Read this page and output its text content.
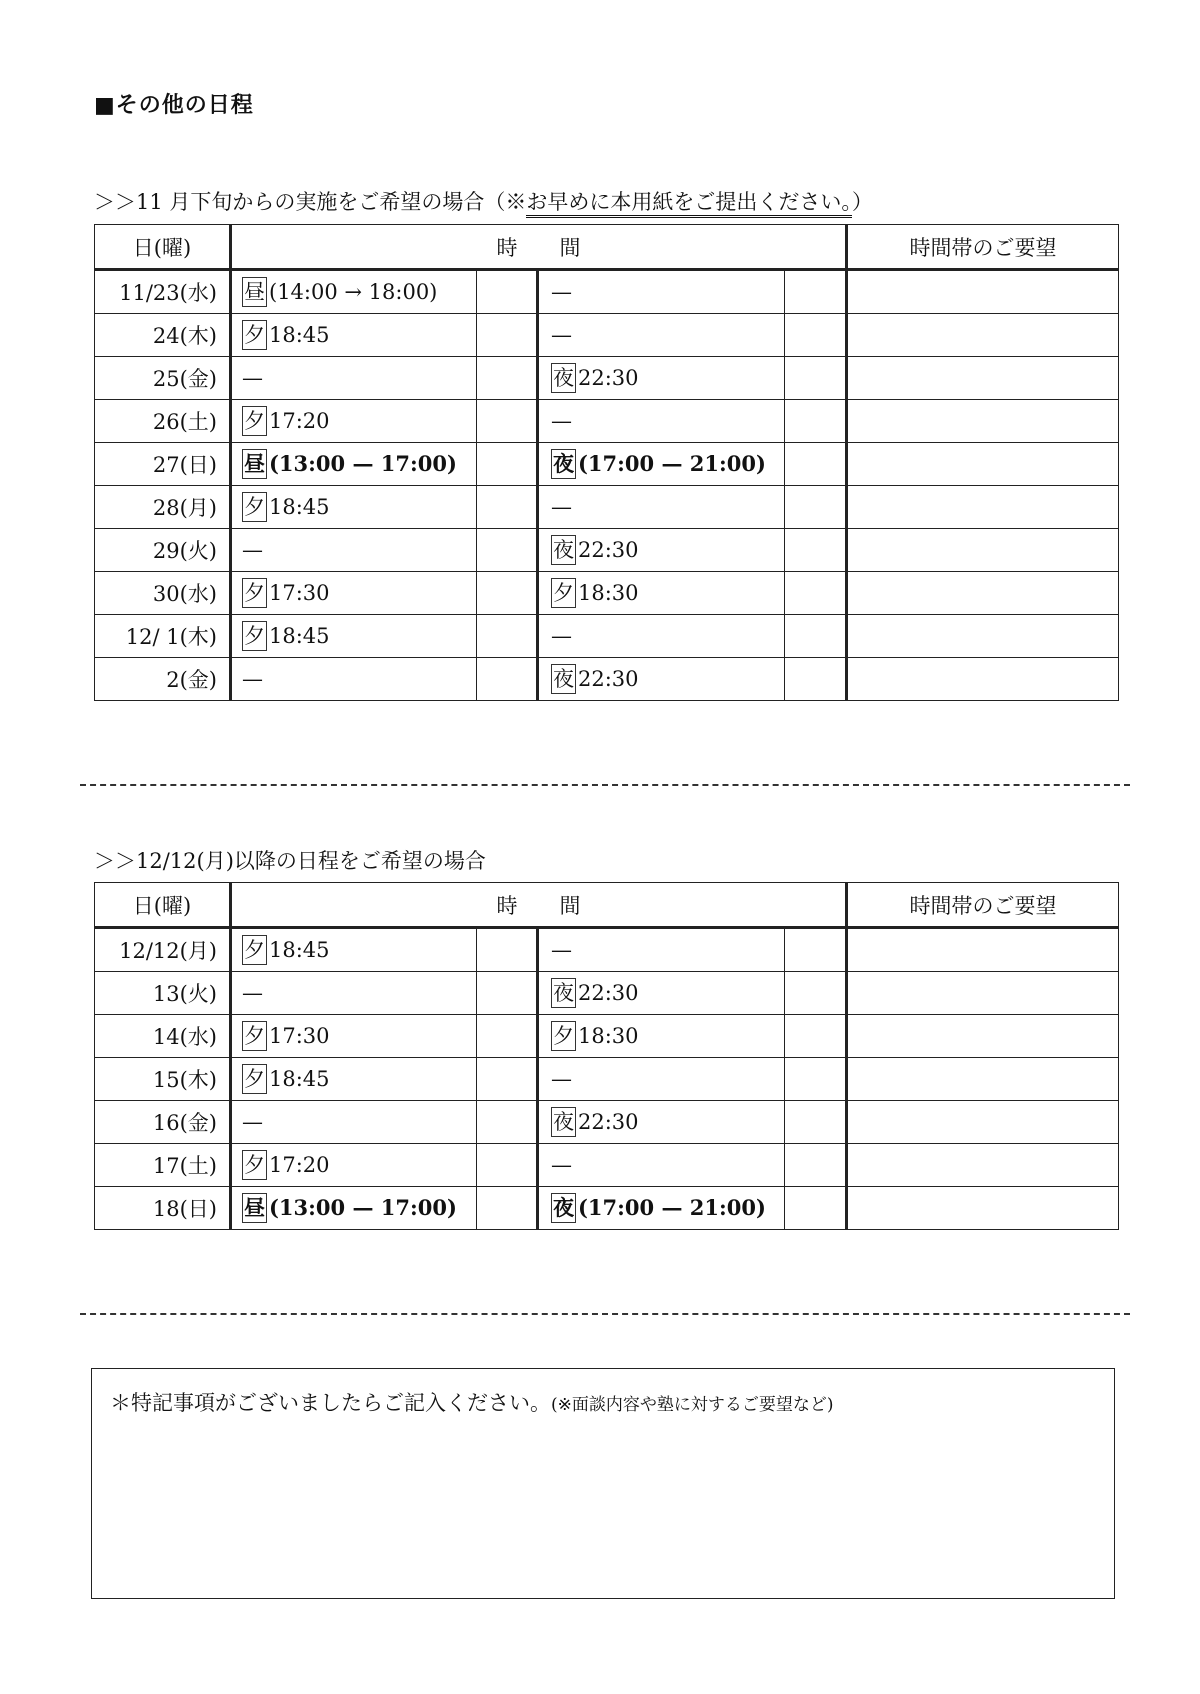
■その他の日程
＞＞11 月下旬からの実施をご希望の場合（※お早めに本用紙をご提出ください。）
日(曜)	時　　間				時間帯のご要望
11/23(水)	昼 (14:00 → 18:00)		—		
24(木)	夕 18:45		—		
25(金)	—		夜 22:30		
26(土)	夕 17:20		—		
27(日)	昼 (13:00 — 17:00)		夜 (17:00 — 21:00)		
28(月)	夕 18:45		—		
29(火)	—		夜 22:30		
30(水)	夕 17:30		夕 18:30		
12/ 1(木)	夕 18:45		—		
2(金)	—		夜 22:30		
＞＞12/12(月)以降の日程をご希望の場合
日(曜)	時　　間				時間帯のご要望
12/12(月)	夕 18:45		—		
13(火)	—		夜 22:30		
14(水)	夕 17:30		夕 18:30		
15(木)	夕 18:45		—		
16(金)	—		夜 22:30		
17(土)	夕 17:20		—		
18(日)	昼 (13:00 — 17:00)		夜 (17:00 — 21:00)		
＊特記事項がございましたらご記入ください。(※面談内容や塾に対するご要望など)
